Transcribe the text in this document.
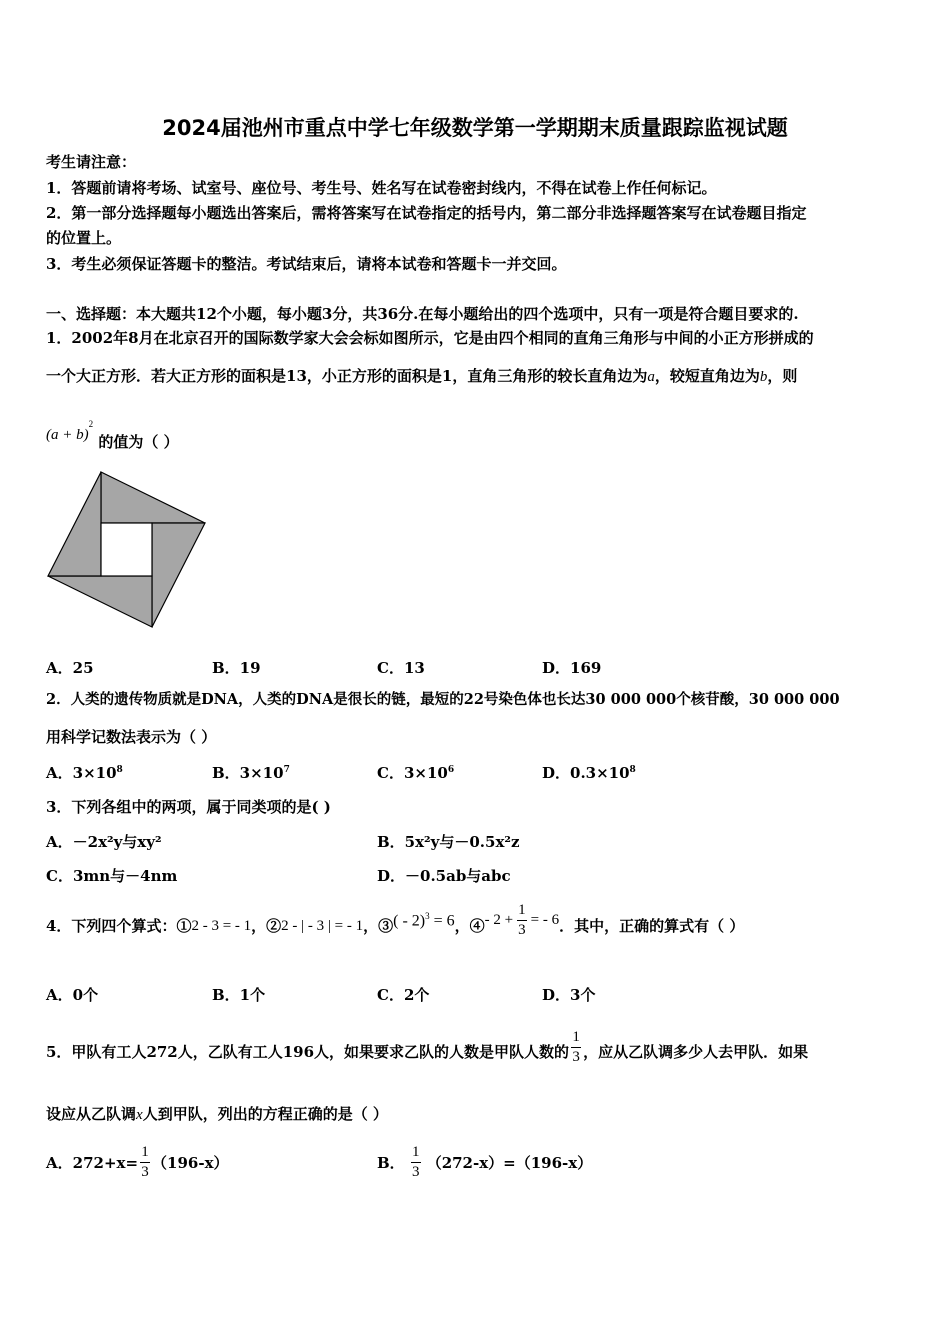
2024届池州市重点中学七年级数学第一学期期末质量跟踪监视试题
考生请注意：
1．答题前请将考场、试室号、座位号、考生号、姓名写在试卷密封线内，不得在试卷上作任何标记。
2．第一部分选择题每小题选出答案后，需将答案写在试卷指定的括号内，第二部分非选择题答案写在试卷题目指定
的位置上。
3．考生必须保证答题卡的整洁。考试结束后，请将本试卷和答题卡一并交回。
一、选择题：本大题共12个小题，每小题3分，共36分.在每小题给出的四个选项中，只有一项是符合题目要求的.
1．2002年8月在北京召开的国际数学家大会会标如图所示，它是由四个相同的直角三角形与中间的小正方形拼成的
一个大正方形．若大正方形的面积是13，小正方形的面积是1，直角三角形的较长直角边为a，较短直角边为b，则
$(a + b)^2$ 的值为（ ）
A．25	B．19	C．13	D．169
2．人类的遗传物质就是DNA，人类的DNA是很长的链，最短的22号染色体也长达30 000 000个核苷酸，30 000 000
用科学记数法表示为（ ）
A．$3\times 10^8$	B．$3\times 10^7$	C．$3\times 10^6$	D．$0.3\times 10^8$
3．下列各组中的两项，属于同类项的是( )
A．－2x²y与xy²	B．5x²y与－0.5x²z
C．3mn与－4nm	D．－0.5ab与abc
4．下列四个算式：① 2 - 3 = - 1 ，② 2 - | - 3 | = - 1 ，③ ( - 2)$^3$ = 6 ，④ - $2 + \frac{1}{3}$ = - 6 ．其中，正确的算式有（ ）
A．0个	B．1个	C．2个	D．3个
5．甲队有工人272人，乙队有工人196人，如果要求乙队的人数是甲队人数的 $\frac{1}{3}$ ，应从乙队调多少人去甲队．如果
设应从乙队调x人到甲队，列出的方程正确的是（ ）
A．$272+x= \frac{1}{3} (196-x)$	B． $\frac{1}{3} (272-x)=(196-x)$
